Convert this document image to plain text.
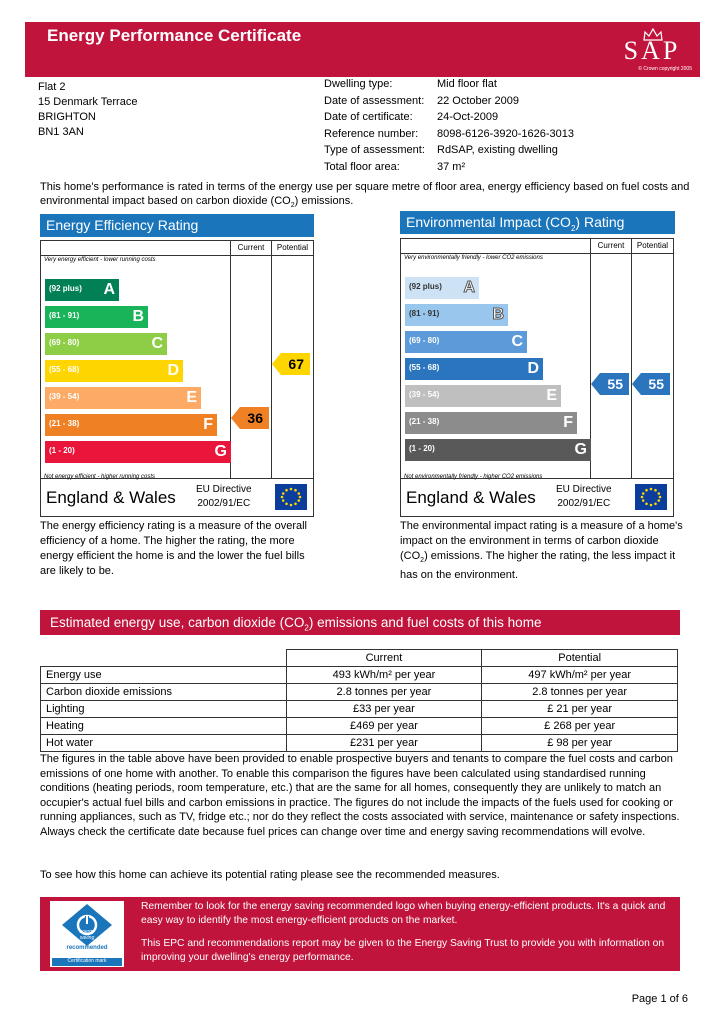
Energy Performance Certificate
SAP
© Crown copyright 2005
Flat 2
15 Denmark Terrace
BRIGHTON
BN1 3AN
Dwelling type:	Mid floor flat
Date of assessment:	22 October 2009
Date of certificate:	24-Oct-2009
Reference number:	8098-6126-3920-1626-3013
Type of assessment:	RdSAP, existing dwelling
Total floor area:	37 m²
This home's performance is rated in terms of the energy use per square metre of floor area, energy efficiency based on fuel costs and environmental impact based on carbon dioxide $(CO_2)$ emissions.
Energy Efficiency Rating
Current	Potential
Very energy efficient - lower running costs
Not energy efficient - higher running costs
(92 plus) A
(81 - 91)	B
(69 - 80)	C
(55 - 68)	D
(39 - 54)	E
(21 - 38)	F
(1 - 20)	G
36
67
England & Wales EU Directive
2002/91/EC
The energy efficiency rating is a measure of the overall efficiency of a home. The higher the rating, the more energy efficient the home is and the lower the fuel bills are likely to be.
Environmental Impact $(CO_2)$ Rating
Current	Potential
Very environmentally friendly - lower CO2 emissions
Not environmentally friendly - higher CO2 emissions
(92 plus) A
(81 - 91)	B
(69 - 80)	C
(55 - 68)	D
(39 - 54)	E
(21 - 38)	F
(1 - 20)	G
55 55
England & Wales EU Directive
2002/91/EC
The environmental impact rating is a measure of a home's impact on the environment in terms of carbon dioxide $(CO_2)$ emissions. The higher the rating, the less impact it has on the environment.
Estimated energy use, carbon dioxide $(CO_2)$ emissions and fuel costs of this home
	Current	Potential
Energy use	493 kWh/m² per year	497 kWh/m² per year
Carbon dioxide emissions	2.8 tonnes per year	2.8 tonnes per year
Lighting	£33 per year	£ 21 per year
Heating	£469 per year	£ 268 per year
Hot water	£231 per year	£ 98 per year
The figures in the table above have been provided to enable prospective buyers and tenants to compare the fuel costs and carbon emissions of one home with another. To enable this comparison the figures have been calculated using standardised running conditions (heating periods, room temperature, etc.) that are the same for all homes, consequently they are unlikely to match an occupier's actual fuel bills and carbon emissions in practice. The figures do not include the impacts of the fuels used for cooking or running appliances, such as TV, fridge etc.; nor do they reflect the costs associated with service, maintenance or safety inspections. Always check the certificate date because fuel prices can change over time and energy saving recommendations will evolve.
To see how this home can achieve its potential rating please see the recommended measures.
recommended
Certification mark
energy saving
Remember to look for the energy saving recommended logo when buying energy-efficient products. It's a quick and easy way to identify the most energy-efficient products on the market.
This EPC and recommendations report may be given to the Energy Saving Trust to provide you with information on improving your dwelling's energy performance.
Page 1 of 6
